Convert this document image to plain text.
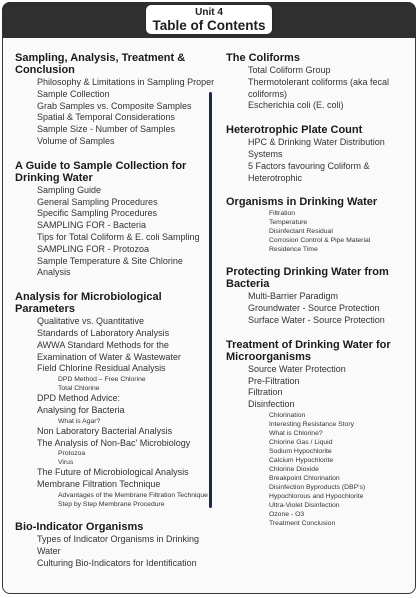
Unit 4
Table of Contents
Sampling, Analysis, Treatment & Conclusion
Philosophy & Limitations in Sampling Proper Sample Collection
Grab Samples vs. Composite Samples
Spatial & Temporal Considerations
Sample Size - Number of Samples
Volume of Samples
A Guide to Sample Collection for Drinking Water
Sampling Guide
General Sampling Procedures
Specific Sampling Procedures
SAMPLING FOR - Bacteria
Tips for Total Coliform & E. coli Sampling
SAMPLING FOR - Protozoa
Sample Temperature & Site Chlorine Analysis
Analysis for Microbiological Parameters
Qualitative vs. Quantitative
Standards of Laboratory Analysis
AWWA Standard Methods for the Examination of Water & Wastewater
Field Chlorine Residual Analysis
DPD Method – Free Chlorine
Total Chlorine
DPD Method Advice:
Analysing for Bacteria
What is Agar?
Non Laboratory Bacterial Analysis
The Analysis of Non-Bac' Microbiology
Protozoa
Virus
The Future of Microbiological Analysis
Membrane Filtration Technique
Advantages of the Membrane Filtration Technique
Step by Step Membrane Procedure
Bio-Indicator Organisms
Types of Indicator Organisms in Drinking Water
Culturing Bio-Indicators for Identification
The Coliforms
Total Coliform Group
Thermotolerant coliforms (aka fecal coliforms)
Escherichia coli (E. coli)
Heterotrophic Plate Count
HPC & Drinking Water Distribution Systems
5 Factors favouring Coliform & Heterotrophic
Organisms in Drinking Water
Filtration
Temperature
Disinfectant Residual
Corrosion Control & Pipe Material
Residence Time
Protecting Drinking Water from Bacteria
Multi-Barrier Paradigm
Groundwater - Source Protection
Surface Water - Source Protection
Treatment of Drinking Water for Microorganisms
Source Water Protection
Pre-Filtration
Filtration
Disinfection
Chlorination
Interesting Resistance Story
What is Chlorine?
Chlorine Gas / Liquid
Sodium Hypochlorite
Calcium Hypochlorite
Chlorine Dioxide
Breakpoint Chlorination
Disinfection Byproducts (DBP's)
Hypochlorous and Hypochlorite
Ultra-Violet Disinfection
Ozone - O3
Treatment Conclusion
